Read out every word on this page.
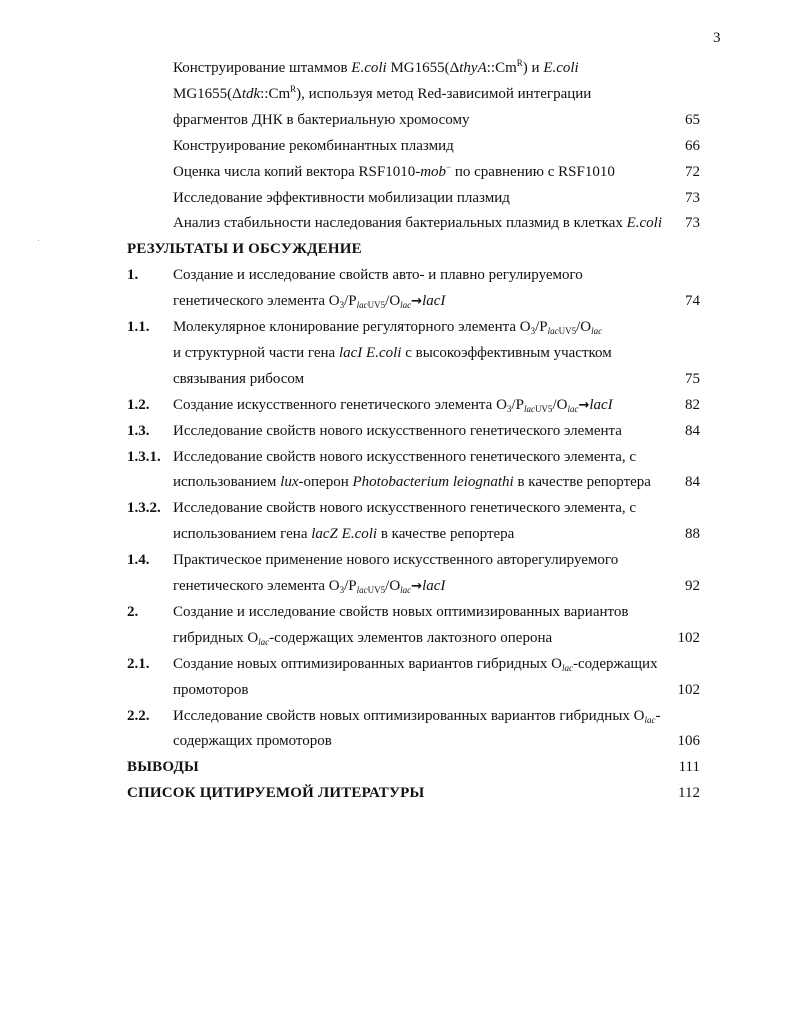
3
Конструирование штаммов E.coli $MG1655(\Delta thyA::Cm^R)$ и E.coli
$MG1655(\Delta tdk::Cm^R)$, используя метод Red-зависимой интеграции
фрагментов ДНК в бактериальную хромосому	65
Конструирование рекомбинантных плазмид	66
Оценка числа копий вектора RSF1010-mob− по сравнению с RSF1010	72
Исследование эффективности мобилизации плазмид	73
Анализ стабильности наследования бактериальных плазмид в клетках E.coli	73
РЕЗУЛЬТАТЫ И ОБСУЖДЕНИЕ
1. Создание и исследование свойств авто- и плавно регулируемого
генетического элемента $O_3/P_{lacUV5}/O_{lac}\to lacI$	74
1.1. Молекулярное клонирование регуляторного элемента $O_3/P_{lacUV5}/O_{lac}$
и структурной части гена lacI E.coli с высокоэффективным участком
связывания рибосом	75
1.2. Создание искусственного генетического элемента $O_3/P_{lacUV5}/O_{lac}\to lacI$	82
1.3. Исследование свойств нового искусственного генетического элемента	84
1.3.1. Исследование свойств нового искусственного генетического элемента, с
использованием lux-оперон Photobacterium leiognathi в качестве репортера	84
1.3.2. Исследование свойств нового искусственного генетического элемента, с
использованием гена lacZ E.coli в качестве репортера	88
1.4. Практическое применение нового искусственного авторегулируемого
генетического элемента $O_3/P_{lacUV5}/O_{lac}\to lacI$	92
2. Создание и исследование свойств новых оптимизированных вариантов
гибридных $O_{lac}$-содержащих элементов лактозного оперона	102
2.1. Создание новых оптимизированных вариантов гибридных $O_{lac}$-содержащих
промоторов	102
2.2. Исследование свойств новых оптимизированных вариантов гибридных $O_{lac}-$
содержащих промоторов	106
ВЫВОДЫ	111
СПИСОК ЦИТИРУЕМОЙ ЛИТЕРАТУРЫ	112
